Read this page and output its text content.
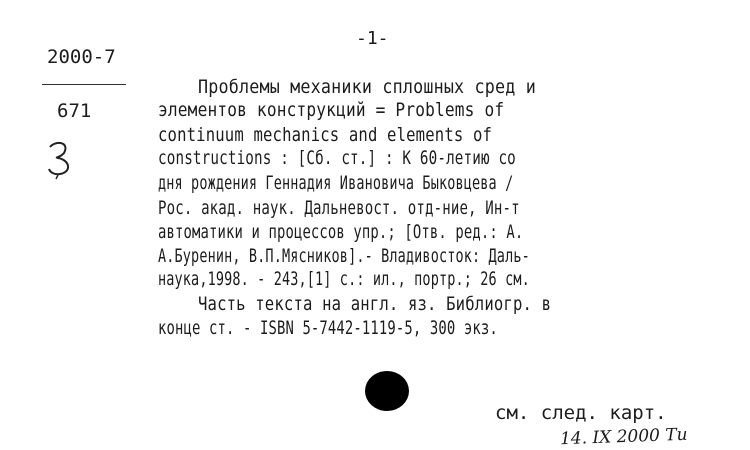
-1-
2000-7
671
Проблемы механики сплошных сред и
элементов конструкций = Problems of
continuum mechanics and elements of
constructions : [Сб. ст.] : К 60-летию со
дня рождения Геннадия Ивановича Быковцева /
Рос. акад. наук. Дальневост. отд-ние, Ин-т
автоматики и процессов упр.; [Отв. ред.: А.
А.Буренин, В.П.Мясников].- Владивосток: Даль-
наука,1998. - 243,[1] с.: ил., портр.; 26 см.
Часть текста на англ. яз. Библиогр. в
конце ст. - ISBN 5-7442-1119-5, 300 экз.
см. след. карт.
14. IX 2000 Tu
